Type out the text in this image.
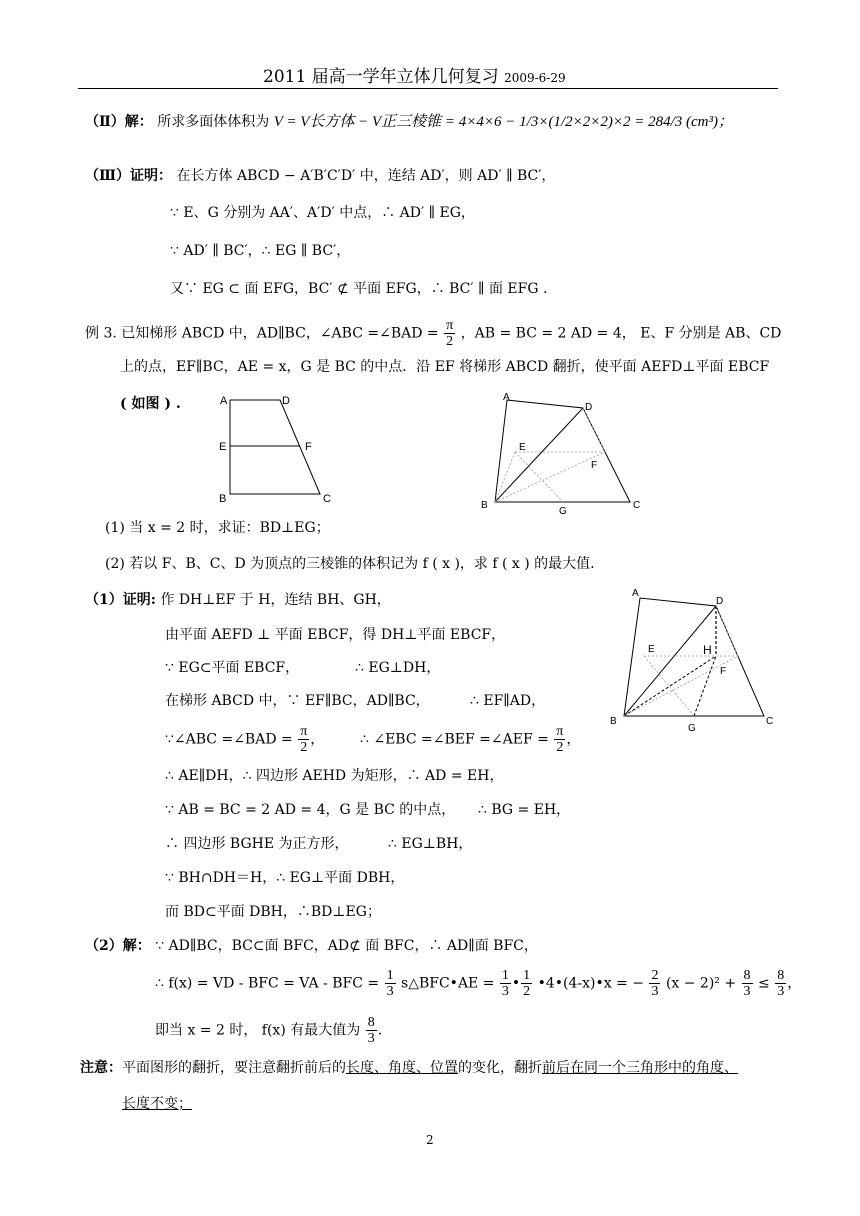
2011 届高一学年立体几何复习 2009-6-29
（Ⅱ）解： 所求多面体体积为 V = V长方体 − V正三棱锥 = 4×4×6 − 1/3×(1/2×2×2)×2 = 284/3 (cm³)；
（Ⅲ）证明： 在长方体 ABCD − A′B′C′D′ 中，连结 AD′，则 AD′ ∥ BC′，
∵ E、G 分别为 AA′、A′D′ 中点，∴ AD′ ∥ EG，
∵ AD′ ∥ BC′，∴ EG ∥ BC′，
又∵ EG ⊂ 面 EFG，BC′ ⊄ 平面 EFG，∴ BC′ ∥ 面 EFG .
例 3. 已知梯形 ABCD 中，AD∥BC，∠ABC =∠BAD = $\frac{\pi}{2}$ ，AB = BC = 2 AD = 4， E、F 分别是 AB、CD
上的点，EF∥BC，AE = x，G 是 BC 的中点．沿 EF 将梯形 ABCD 翻折，使平面 AEFD⊥平面 EBCF
( 如图 ) .	A	D
E	F
B	C
A
D
E
F
B
G
C
(1) 当 x = 2 时，求证：BD⊥EG；
(2) 若以 F、B、C、D 为顶点的三棱锥的体积记为 f ( x )，求 f ( x ) 的最大值.
（1）证明: 作 DH⊥EF 于 H，连结 BH、GH，
由平面 AEFD ⊥ 平面 EBCF，得 DH⊥平面 EBCF，
∵ EG⊂平面 EBCF，	∴ EG⊥DH，
在梯形 ABCD 中，∵ EF∥BC，AD∥BC，	∴ EF∥AD，
∵∠ABC =∠BAD = $\frac{\pi}{2}$ ，	∴ ∠EBC =∠BEF =∠AEF = $\frac{\pi}{2}$ ，
∴ AE∥DH，∴ 四边形 AEHD 为矩形，∴ AD = EH，
∵ AB = BC = 2 AD = 4，G 是 BC 的中点， ∴ BG = EH，
∴ 四边形 BGHE 为正方形，	∴ EG⊥BH，
∵ BH∩DH＝H，∴ EG⊥平面 DBH，
而 BD⊂平面 DBH，∴BD⊥EG；
A
D
E	H
F
B
G
C
（2）解： ∵ AD∥BC，BC⊂面 BFC，AD⊄ 面 BFC，∴ AD∥面 BFC，
∴ f(x) = VD - BFC = VA - BFC = $\frac{1}{3}$ s△BFC•AE = $\frac{1}{3}$ • $\frac{1}{2}$ •4•(4-x)•x = − $\frac{2}{3} (x - 2)^2 + \frac{8}{3} \le \frac{8}{3}$ ，
即当 x = 2 时， f(x) 有最大值为 $\frac{8}{3}$ .
注意：平面图形的翻折，要注意翻折前后的长度、角度、位置的变化，翻折前后在同一个三角形中的角度、
长度不变；
2
